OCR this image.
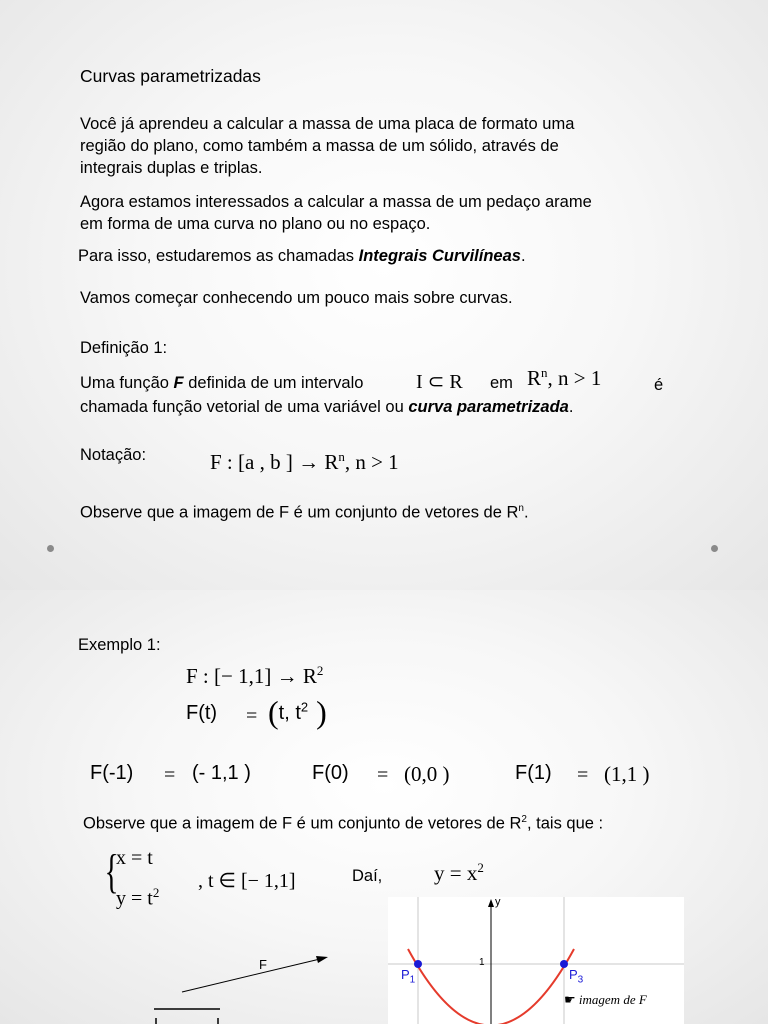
Curvas parametrizadas
Você já aprendeu a calcular a massa de uma placa de formato uma
região do plano, como também a massa de um sólido, através de
integrais duplas e triplas.
Agora estamos interessados a calcular a massa de um pedaço arame
em forma de uma curva no plano ou no espaço.
Para isso, estudaremos as chamadas Integrais Curvilíneas.
Vamos começar conhecendo um pouco mais sobre curvas.
Definição 1:
Uma função F definida de um intervalo	I ⊂ R em $R^n$, n > 1	é
chamada função vetorial de uma variável ou curva parametrizada.
Notação:	F : [a , b ] → $R^n$, n > 1
Observe que a imagem de F é um conjunto de vetores de $R^n$.
Exemplo 1:
F : [− $1,1] \to R^2$
F(t) = (t, $t^2$ )
F(-1) = (- 1,1 )	F(0) = (0,0 )	F(1) = (1,1 )
Observe que a imagem de F é um conjunto de vetores de $R^2$, tais que :
{
x = t
$y = t^2$
, t ∈ [− 1,1]	Daí, $y = x^2$
F
y
1
$P_1$	$P_3$
☛ imagem de F
